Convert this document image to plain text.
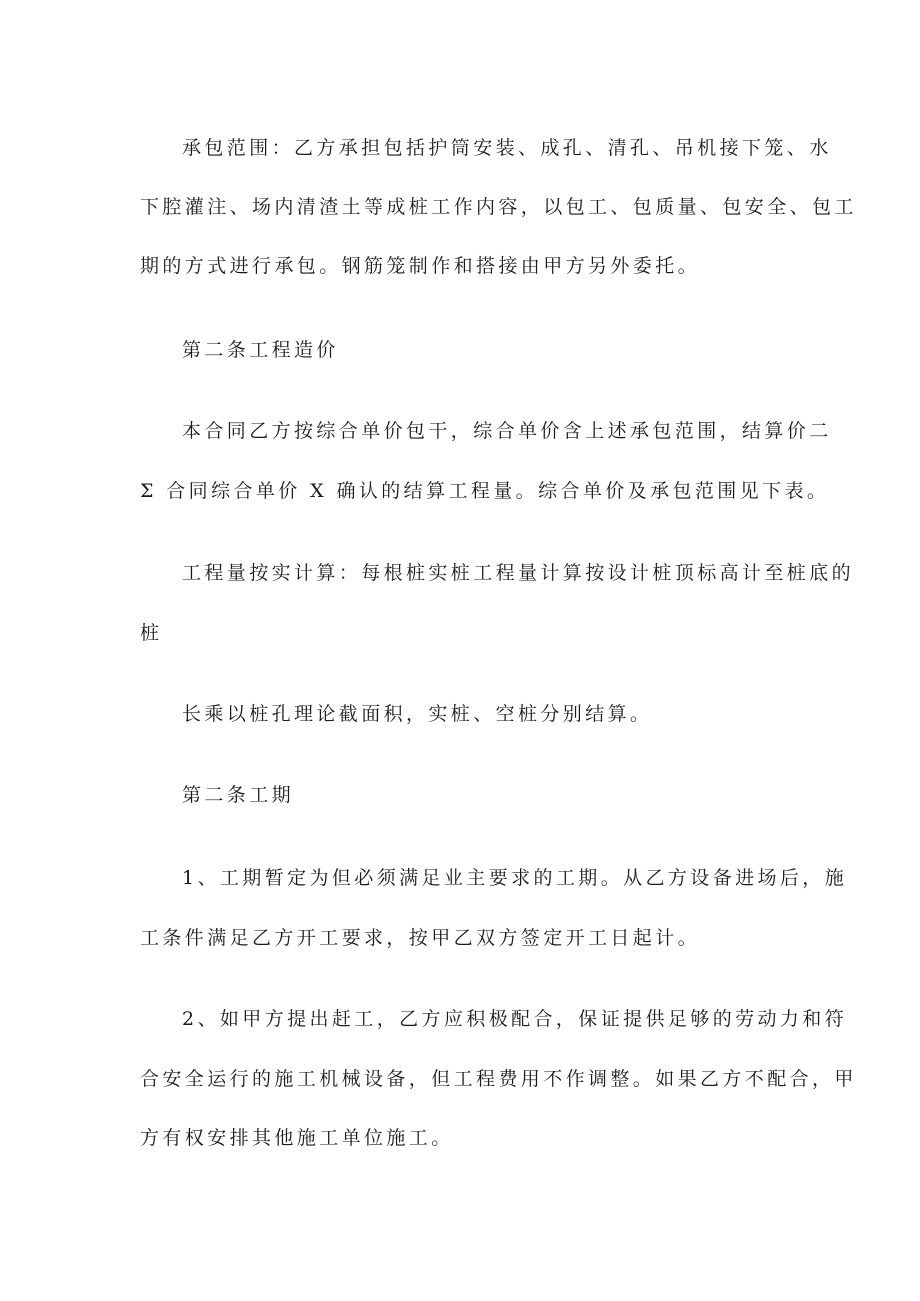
承包范围：乙方承担包括护筒安装、成孔、清孔、吊机接下笼、水
下腔灌注、场内清渣土等成桩工作内容，以包工、包质量、包安全、包工
期的方式进行承包。钢筋笼制作和搭接由甲方另外委托。
第二条工程造价
本合同乙方按综合单价包干，综合单价含上述承包范围，结算价二
Σ 合同综合单价 X 确认的结算工程量。综合单价及承包范围见下表。
工程量按实计算：每根桩实桩工程量计算按设计桩顶标高计至桩底的
桩
长乘以桩孔理论截面积，实桩、空桩分别结算。
第二条工期
1、工期暂定为但必须满足业主要求的工期。从乙方设备进场后，施
工条件满足乙方开工要求，按甲乙双方签定开工日起计。
2、如甲方提出赶工，乙方应积极配合，保证提供足够的劳动力和符
合安全运行的施工机械设备，但工程费用不作调整。如果乙方不配合，甲
方有权安排其他施工单位施工。
